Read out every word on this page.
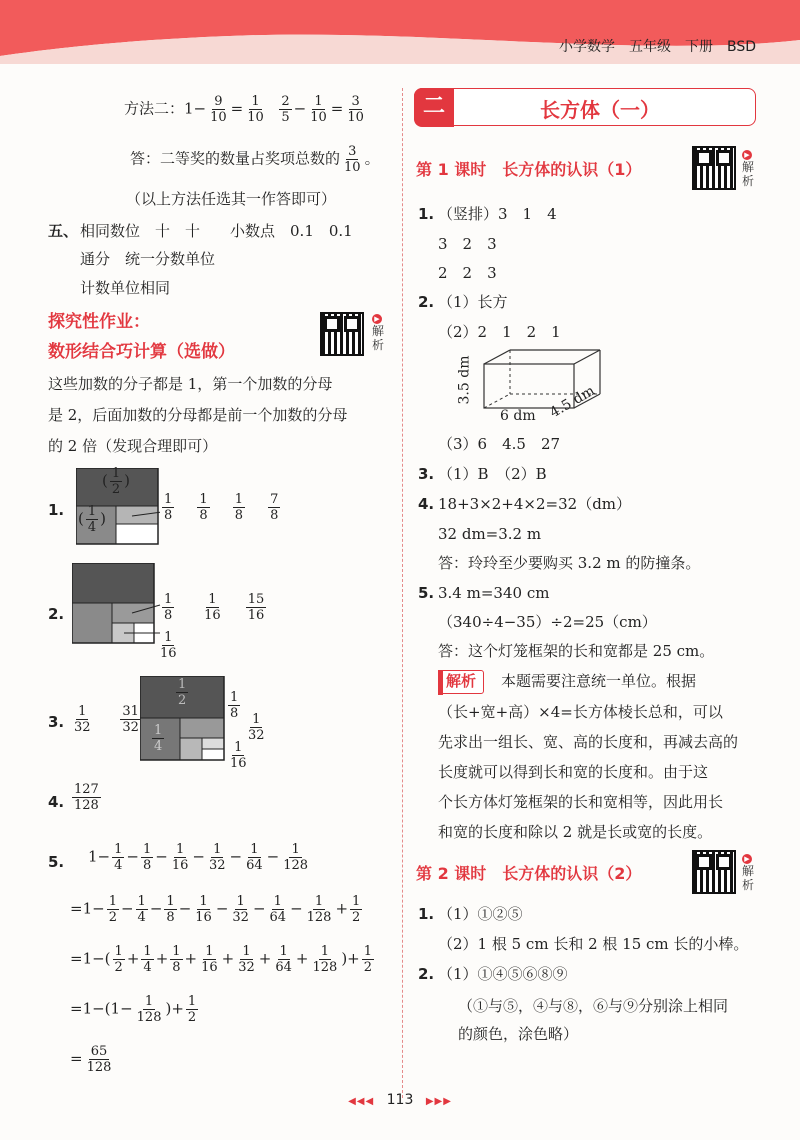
小学数学　五年级　下册　BSD
方法二：$1- \frac{9}{10} = \frac{1}{10}$
$\frac{2}{5} - \frac{1}{10} = \frac{3}{10}$
答：二等奖的数量占奖项总数的 $\frac{3}{10}$ 。
（以上方法任选其一作答即可）
五、 相同数位　十　十　　小数点　0.1　0.1
通分　统一分数单位
计数单位相同
探究性作业：
数形结合巧计算（选做）
▶
解析
这些加数的分子都是 1，第一个加数的分母
是 2，后面加数的分母都是前一个加数的分母
的 2 倍（发现合理即可）
1.
( $\frac{1}{2}$ )
( $\frac{1}{4}$ )	$\frac{1}{8}$
$\frac{1}{8}$
$\frac{1}{8}$
$\frac{7}{8}$
2.	$\frac{1}{8}$
$\frac{1}{16}$
$\frac{15}{16}$
$\frac{1}{16}$
3. $\frac{1}{32}$
$\frac{31}{32}$
$\frac{1}{2}$
$\frac{1}{4}$
$\frac{1}{8}$
$\frac{1}{32}$
$\frac{1}{16}$
4. $\frac{127}{128}$
5. $1- \frac{1}{4} - \frac{1}{8} - \frac{1}{16} - \frac{1}{32} - \frac{1}{64} - \frac{1}{128}$
$=1- \frac{1}{2} - \frac{1}{4} - \frac{1}{8} - \frac{1}{16} - \frac{1}{32} - \frac{1}{64} - \frac{1}{128} + \frac{1}{2}$
$=1-( \frac{1}{2} + \frac{1}{4} + \frac{1}{8} + \frac{1}{16} + \frac{1}{32} + \frac{1}{64} + \frac{1}{128}$ )+ $\frac{1}{2}$
$=1-(1- \frac{1}{128}$ )+ $\frac{1}{2}$
= $\frac{65}{128}$
二	长方体（一）
第 1 课时　长方体的认识（1）
▶
解析
1. （竖排）3　1　4
3　2　3
2　2　3
2. （1）长方
（2）2　1　2　1
3.5 dm
6 dm 4.5 dm
（3）6　4.5　27
3. （1）B　（2）B
4. 18+3×2+4×2=32（dm）
32 dm=3.2 m
答：玲玲至少要购买 3.2 m 的防撞条。
5. 3.4 m=340 cm
（340÷4−35）÷2=25（cm）
答：这个灯笼框架的长和宽都是 25 cm。
解析 　本题需要注意统一单位。根据
（长+宽+高）×4=长方体棱长总和，可以
先求出一组长、宽、高的长度和，再减去高的
长度就可以得到长和宽的长度和。由于这
个长方体灯笼框架的长和宽相等，因此用长
和宽的长度和除以 2 就是长或宽的长度。
第 2 课时　长方体的认识（2）
▶
解析
1. （1）①②⑤
（2）1 根 5 cm 长和 2 根 15 cm 长的小棒。
2. （1）①④⑤⑥⑧⑨
（①与⑤，④与⑧，⑥与⑨分别涂上相同
的颜色，涂色略）
◀◀◀ 113 ▶▶▶
